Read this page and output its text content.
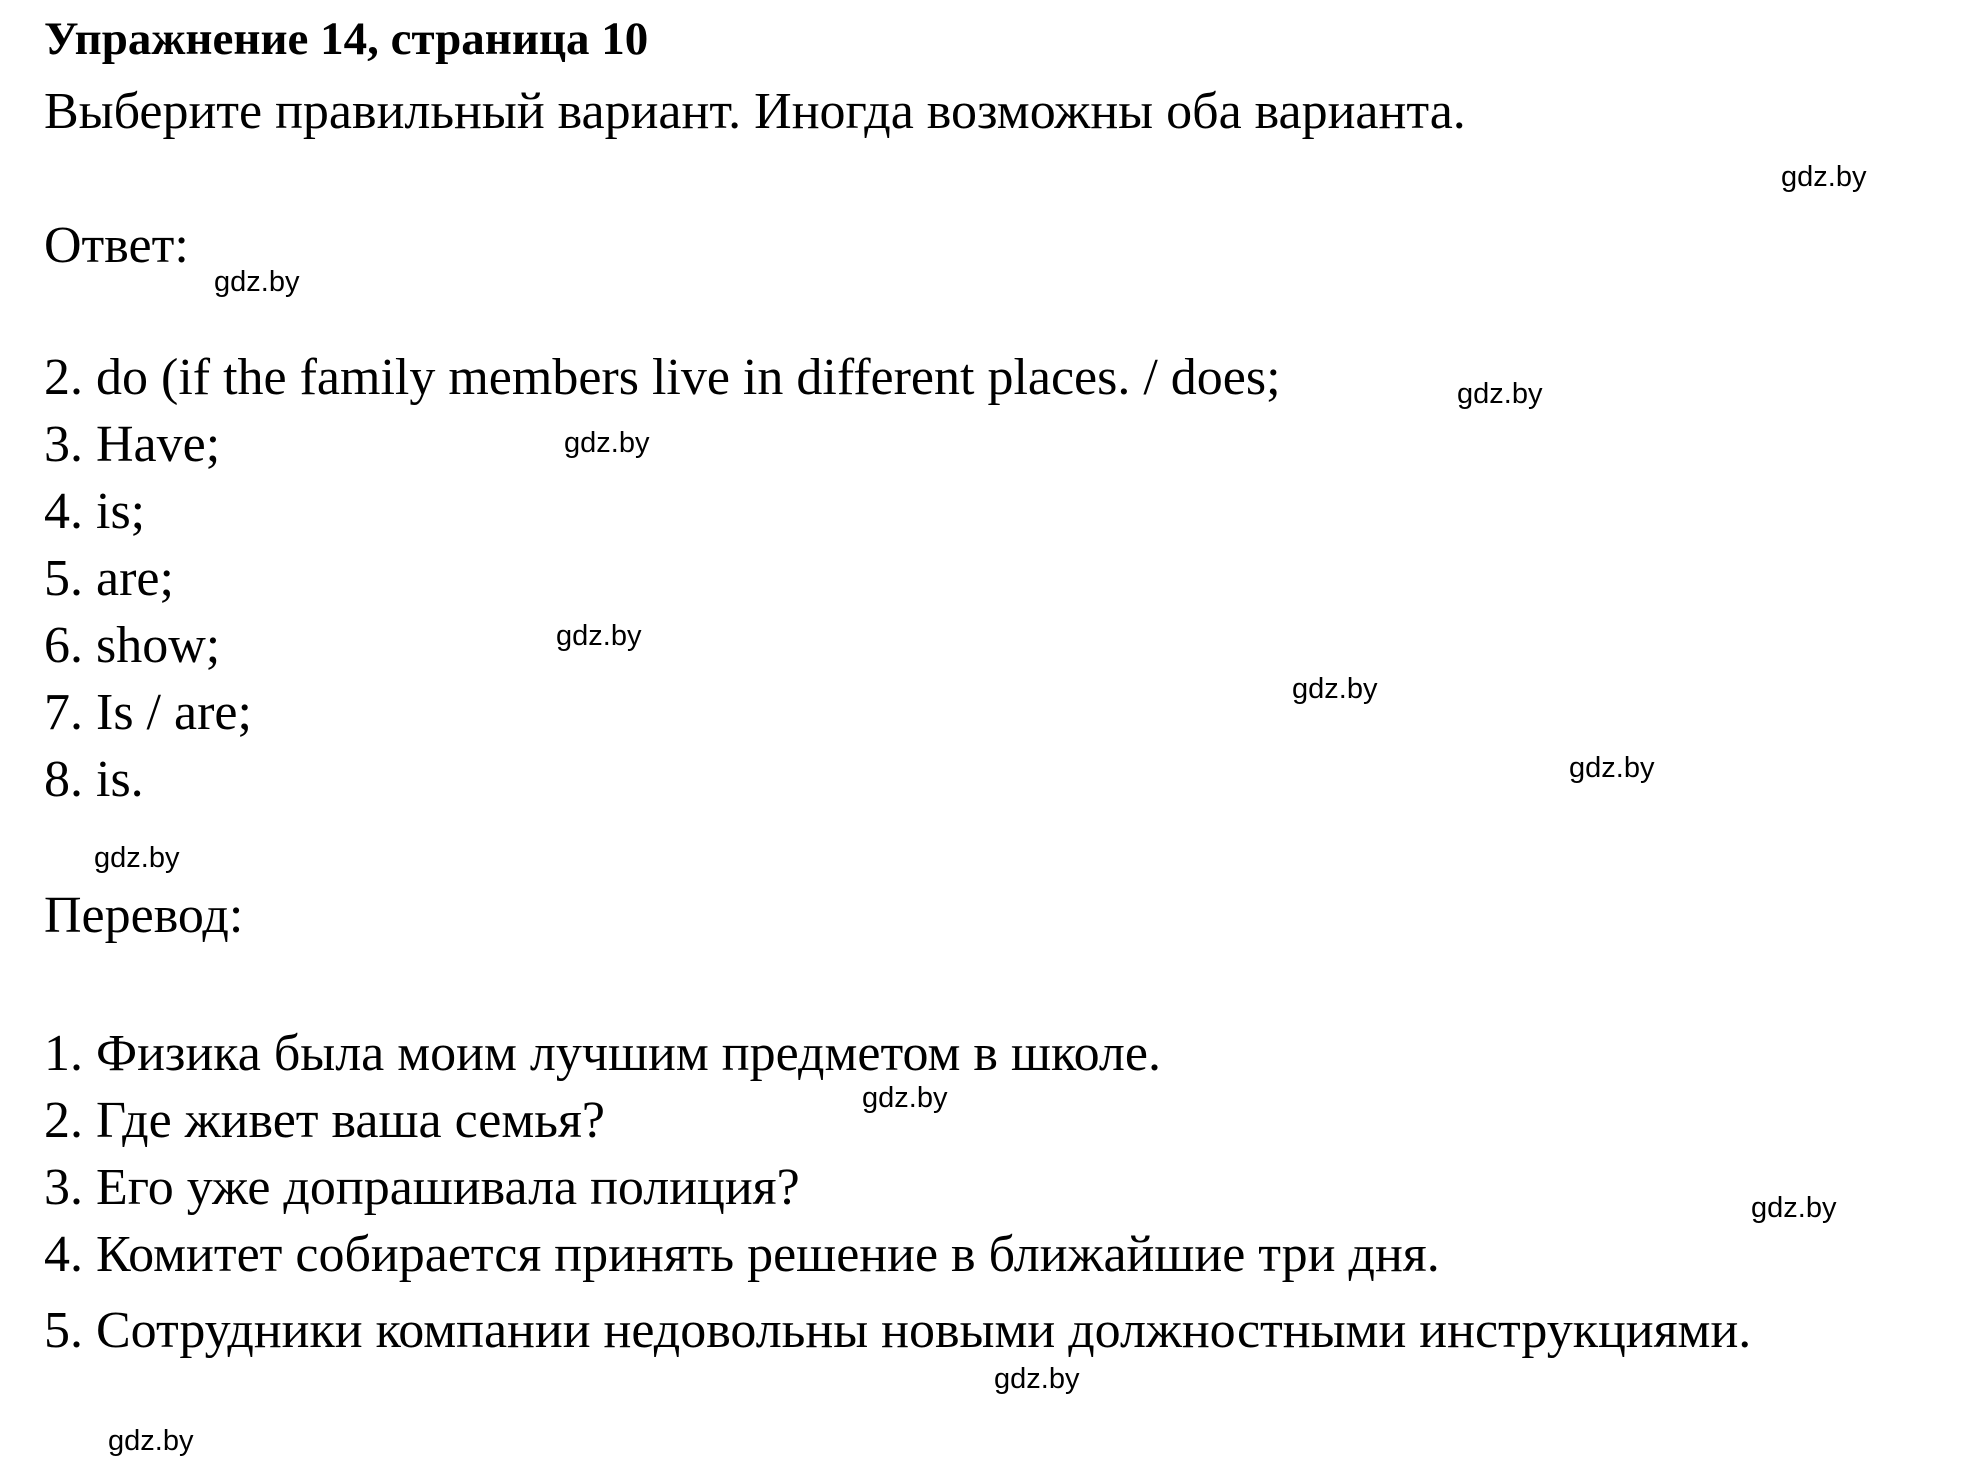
Упражнение 14, страница 10
Выберите правильный вариант. Иногда возможны оба варианта.
Ответ:
2. do (if the family members live in different places. / does;
3. Have;
4. is;
5. are;
6. show;
7. Is / are;
8. is.
Перевод:
1. Физика была моим лучшим предметом в школе.
2. Где живет ваша семья?
3. Его уже допрашивала полиция?
4. Комитет собирается принять решение в ближайшие три дня.
5. Сотрудники компании недовольны новыми должностными инструкциями.
gdz.by
gdz.by
gdz.by
gdz.by
gdz.by
gdz.by
gdz.by
gdz.by
gdz.by
gdz.by
gdz.by
gdz.by
